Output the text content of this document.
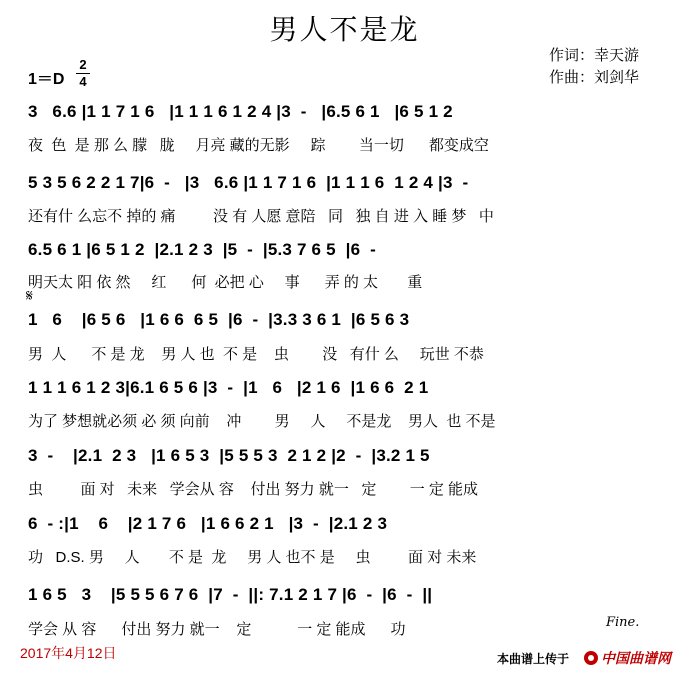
男人不是龙
作词：幸天游
作曲：刘剑华
1＝D
2
4
3   6.6 |1 1 7 1 6   |1 1 1 6 1 2 4 |3  -   |6.5 6 1   |6 5 1 2
夜  色  是 那 么 朦   胧     月亮 藏的无影     踪        当一切      都变成空
5 3 5 6 2 2 1 7|6  -   |3   6.6 |1 1 7 1 6  |1 1 1 6  1 2 4 |3  -
还有什 么忘不 掉的 痛         没 有 人愿 意陪   同   独 自 进 入 睡 梦   中
6.5 6 1 |6 5 1 2  |2.1 2 3  |5  -  |5.3 7 6 5  |6  -
明天太 阳 依 然     红      何  必把 心     事      弄 的 太       重
𝄋
1   6    |6 5 6   |1 6 6  6 5  |6  -  |3.3 3 6 1  |6 5 6 3
男  人      不 是 龙    男 人 也  不 是    虫        没   有什 么     玩世 不恭
1 1 1 6 1 2 3|6.1 6 5 6 |3  -  |1   6   |2 1 6  |1 6 6  2 1
为了 梦想就必须 必 须 向前    冲        男     人     不是龙    男人  也 不是
3  -    |2.1  2 3   |1 6 5 3  |5 5 5 3  2 1 2 |2  -  |3.2 1 5
虫         面 对   未来   学会从 容    付出 努力 就一   定        一 定 能成
6  - :|1    6    |2 1 7 6   |1 6 6 2 1   |3  -  |2.1 2 3
功   D.S. 男     人       不 是  龙     男 人 也不 是     虫         面 对 未来
1 6 5   3    |5 5 5 6 7 6  |7  -  ||: 7.1 2 1 7 |6  -  |6  -  ||
学会 从 容      付出 努力 就一    定           一 定 能成      功	Fine.
2017年4月12日	本曲谱上传于 中国曲谱网
